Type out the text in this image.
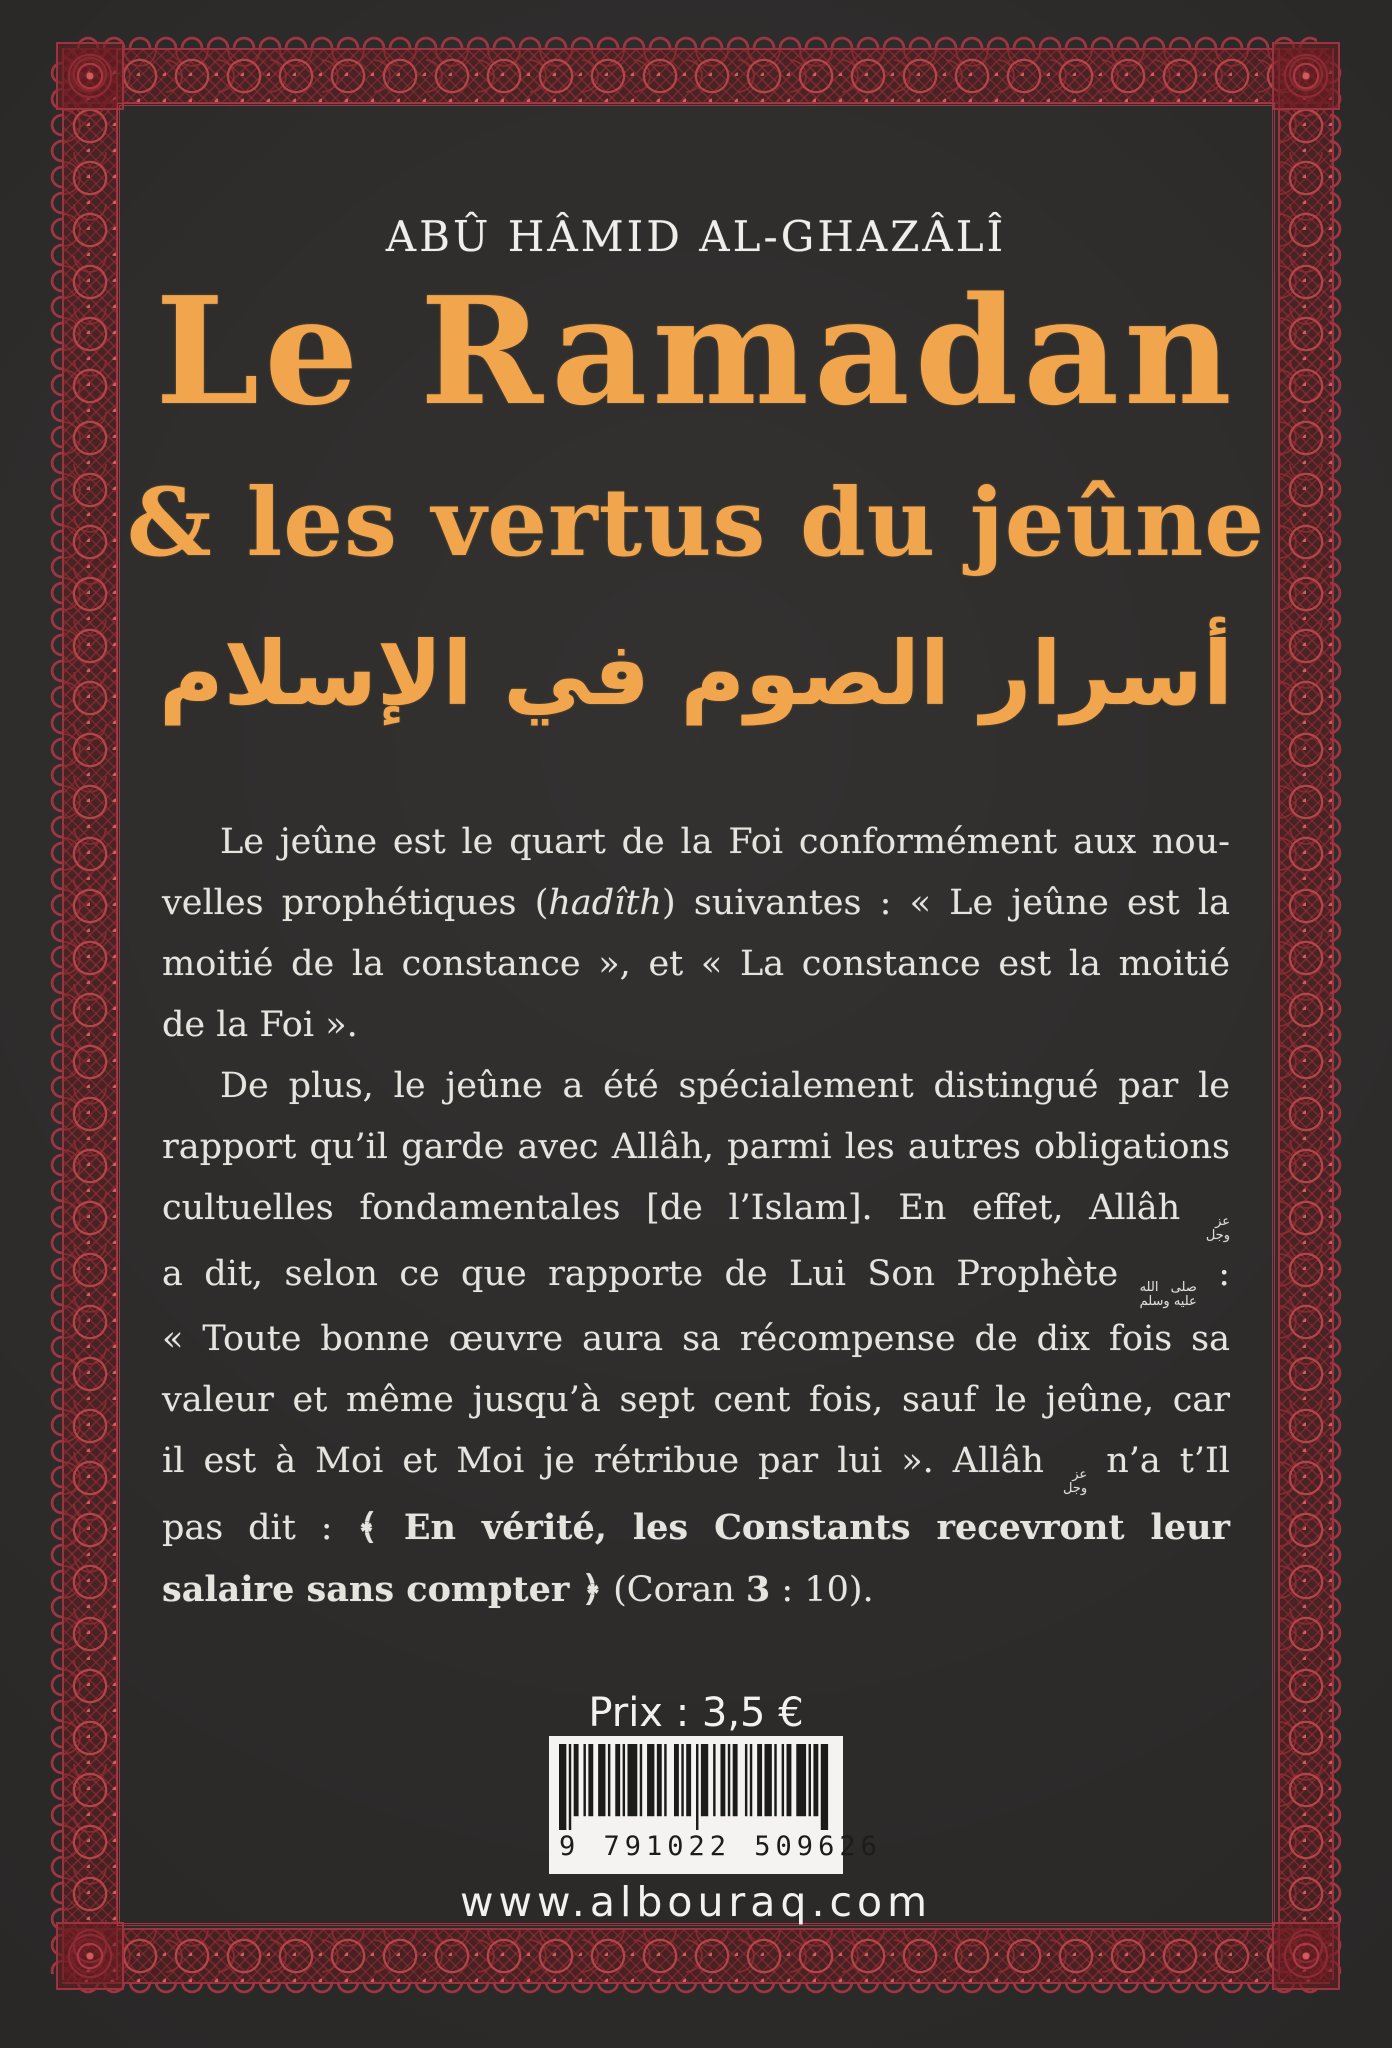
ABÛ HÂMID AL-GHAZÂLÎ
Le Ramadan
& les vertus du jeûne
أسرار الصوم في الإسلام
Le jeûne est le quart de la Foi conformément aux nou-
velles prophétiques (hadîth) suivantes : « Le jeûne est la
moitié de la constance », et « La constance est la moitié
de la Foi ».
De plus, le jeûne a été spécialement distingué par le
rapport qu’il garde avec Allâh, parmi les autres obligations
cultuelles fondamentales [de l’Islam]. En effet, Allâh عز
وجل
a dit, selon ce que rapporte de Lui Son Prophète صلى الله
عليه وسلم
:
« Toute bonne œuvre aura sa récompense de dix fois sa
valeur et même jusqu’à sept cent fois, sauf le jeûne, car
il est à Moi et Moi je rétribue par lui ». Allâh عز
وجل
n’a t’Il
pas dit : ﴾ En vérité, les Constants recevront leur
salaire sans compter ﴿ (Coran 3 : 10).
Prix : 3,5 €
9 791022 509626
www.albouraq.com
